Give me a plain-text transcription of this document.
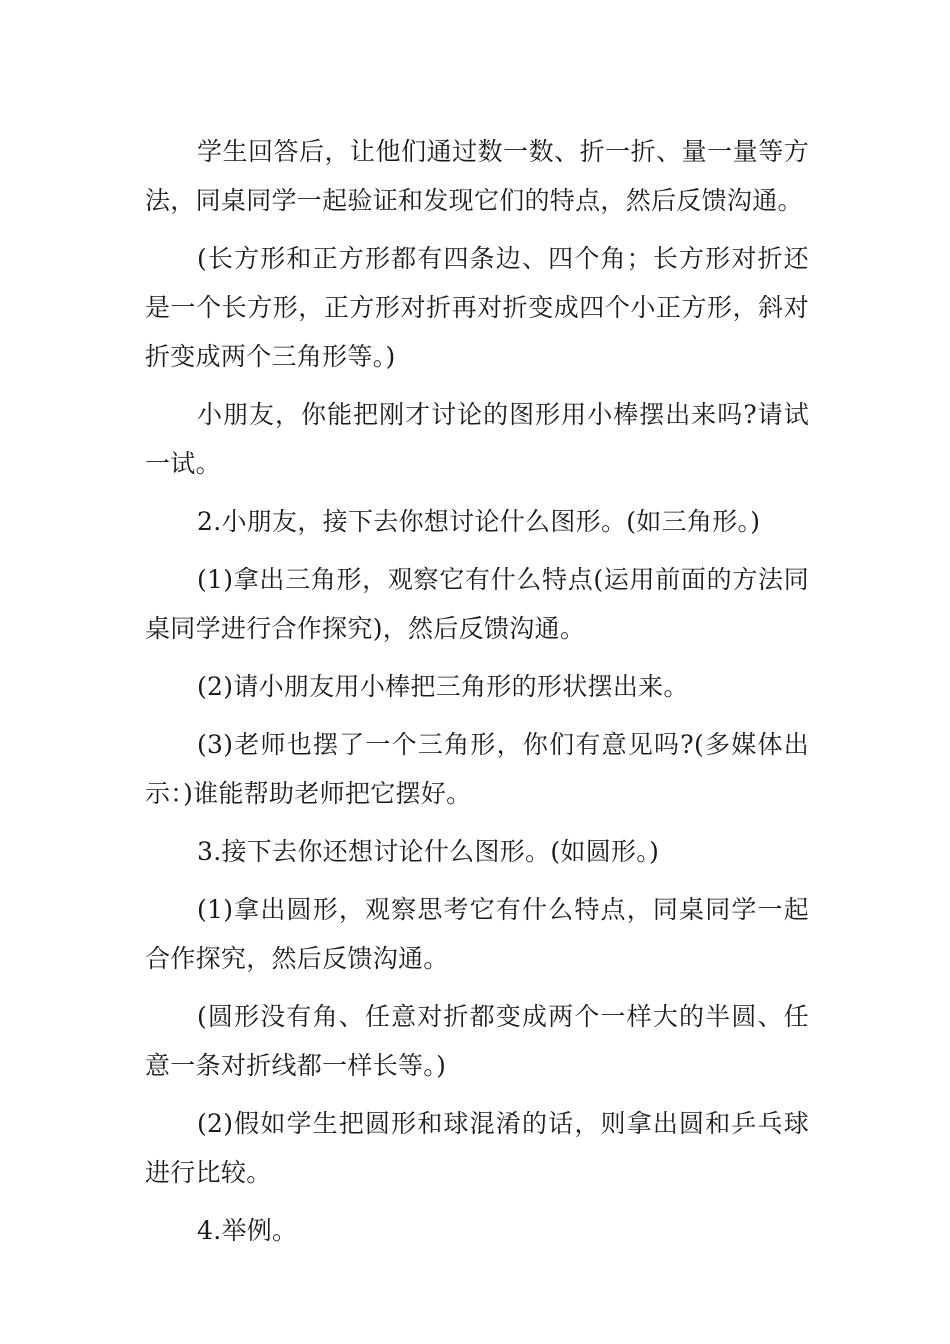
学生回答后，让他们通过数一数、折一折、量一量等方法，同桌同学一起验证和发现它们的特点，然后反馈沟通。

(长方形和正方形都有四条边、四个角；长方形对折还是一个长方形，正方形对折再对折变成四个小正方形，斜对折变成两个三角形等。)

小朋友，你能把刚才讨论的图形用小棒摆出来吗?请试一试。

2.小朋友，接下去你想讨论什么图形。(如三角形。)

(1)拿出三角形，观察它有什么特点(运用前面的方法同桌同学进行合作探究)，然后反馈沟通。

(2)请小朋友用小棒把三角形的形状摆出来。

(3)老师也摆了一个三角形，你们有意见吗?(多媒体出示：)谁能帮助老师把它摆好。

3.接下去你还想讨论什么图形。(如圆形。)

(1)拿出圆形，观察思考它有什么特点，同桌同学一起合作探究，然后反馈沟通。

(圆形没有角、任意对折都变成两个一样大的半圆、任意一条对折线都一样长等。)

(2)假如学生把圆形和球混淆的话，则拿出圆和乒乓球进行比较。

4.举例。
